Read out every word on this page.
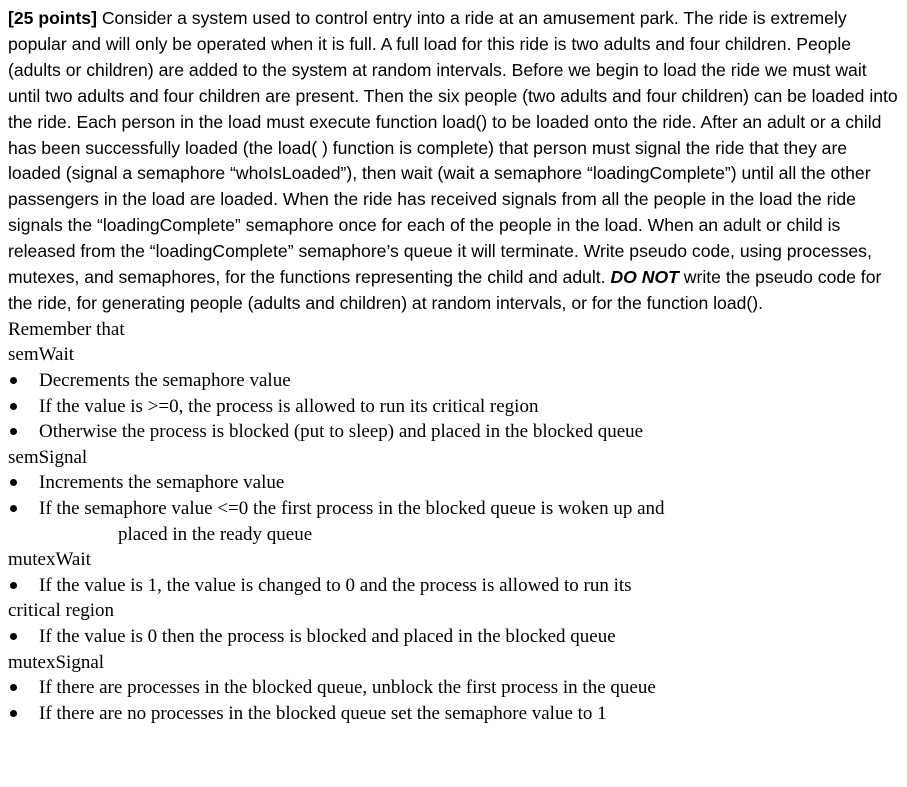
[25 points] Consider a system used to control entry into a ride at an amusement park. The ride is extremely popular and will only be operated when it is full. A full load for this ride is two adults and four children. People (adults or children) are added to the system at random intervals. Before we begin to load the ride we must wait until two adults and four children are present. Then the six people (two adults and four children) can be loaded into the ride. Each person in the load must execute function load() to be loaded onto the ride. After an adult or a child has been successfully loaded (the load( ) function is complete) that person must signal the ride that they are loaded (signal a semaphore “whoIsLoaded”), then wait (wait a semaphore “loadingComplete”) until all the other passengers in the load are loaded. When the ride has received signals from all the people in the load the ride signals the “loadingComplete” semaphore once for each of the people in the load. When an adult or child is released from the “loadingComplete” semaphore’s queue it will terminate. Write pseudo code, using processes, mutexes, and semaphores, for the functions representing the child and adult. DO NOT write the pseudo code for the ride, for generating people (adults and children) at random intervals, or for the function load().

Remember that

semWait

Decrements the semaphore value

If the value is >=0, the process is allowed to run its critical region

Otherwise the process is blocked (put to sleep) and placed in the blocked queue

semSignal

Increments the semaphore value

If the semaphore value <=0 the first process in the blocked queue is woken up and

placed in the ready queue

mutexWait

If the value is 1, the value is changed to 0 and the process is allowed to run its

critical region

If the value is 0 then the process is blocked and placed in the blocked queue

mutexSignal

If there are processes in the blocked queue, unblock the first process in the queue

If there are no processes in the blocked queue set the semaphore value to 1
